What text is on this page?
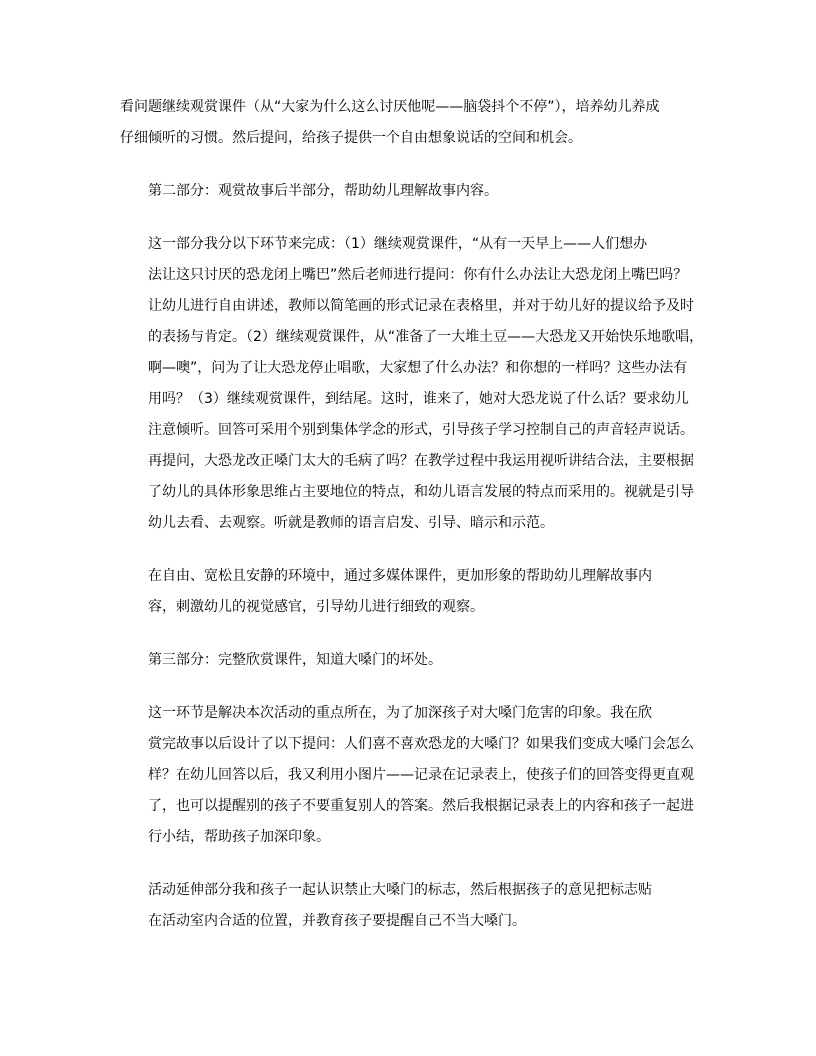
看问题继续观赏课件（从“大家为什么这么讨厌他呢——脑袋抖个不停”），培养幼儿养成
仔细倾听的习惯。然后提问，给孩子提供一个自由想象说话的空间和机会。

第二部分：观赏故事后半部分，帮助幼儿理解故事内容。

这一部分我分以下环节来完成：（1）继续观赏课件，“从有一天早上——人们想办
法让这只讨厌的恐龙闭上嘴巴”然后老师进行提问：你有什么办法让大恐龙闭上嘴巴吗？
让幼儿进行自由讲述，教师以简笔画的形式记录在表格里，并对于幼儿好的提议给予及时
的表扬与肯定。（2）继续观赏课件，从“准备了一大堆土豆——大恐龙又开始快乐地歌唱，
啊—噢”，问为了让大恐龙停止唱歌，大家想了什么办法？和你想的一样吗？这些办法有
用吗？（3）继续观赏课件，到结尾。这时，谁来了，她对大恐龙说了什么话？要求幼儿
注意倾听。回答可采用个别到集体学念的形式，引导孩子学习控制自己的声音轻声说话。
再提问，大恐龙改正嗓门太大的毛病了吗？在教学过程中我运用视听讲结合法，主要根据
了幼儿的具体形象思维占主要地位的特点，和幼儿语言发展的特点而采用的。视就是引导
幼儿去看、去观察。听就是教师的语言启发、引导、暗示和示范。

在自由、宽松且安静的环境中，通过多媒体课件，更加形象的帮助幼儿理解故事内
容，刺激幼儿的视觉感官，引导幼儿进行细致的观察。

第三部分：完整欣赏课件，知道大嗓门的坏处。

这一环节是解决本次活动的重点所在，为了加深孩子对大嗓门危害的印象。我在欣
赏完故事以后设计了以下提问：人们喜不喜欢恐龙的大嗓门？如果我们变成大嗓门会怎么
样？在幼儿回答以后，我又利用小图片——记录在记录表上，使孩子们的回答变得更直观
了，也可以提醒别的孩子不要重复别人的答案。然后我根据记录表上的内容和孩子一起进
行小结，帮助孩子加深印象。

活动延伸部分我和孩子一起认识禁止大嗓门的标志，然后根据孩子的意见把标志贴
在活动室内合适的位置，并教育孩子要提醒自己不当大嗓门。
